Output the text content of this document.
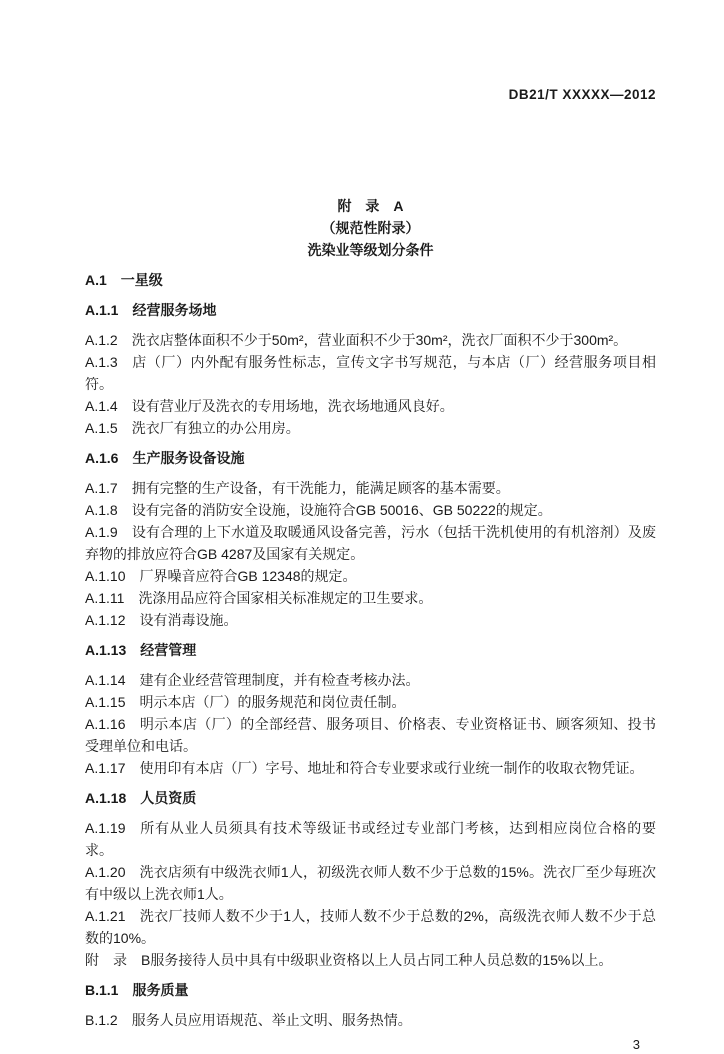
DB21/T XXXXX—2012

附　录　A

（规范性附录）

洗染业等级划分条件

A.1 一星级

A.1.1 经营服务场地

A.1.2 洗衣店整体面积不少于50m²，营业面积不少于30m²，洗衣厂面积不少于300m²。

A.1.3 店（厂）内外配有服务性标志，宣传文字书写规范，与本店（厂）经营服务项目相符。

A.1.4 设有营业厅及洗衣的专用场地，洗衣场地通风良好。

A.1.5 洗衣厂有独立的办公用房。

A.1.6 生产服务设备设施

A.1.7 拥有完整的生产设备，有干洗能力，能满足顾客的基本需要。

A.1.8 设有完备的消防安全设施，设施符合GB 50016、GB 50222的规定。

A.1.9 设有合理的上下水道及取暖通风设备完善，污水（包括干洗机使用的有机溶剂）及废弃物的排放应符合GB 4287及国家有关规定。

A.1.10 厂界噪音应符合GB 12348的规定。

A.1.11 洗涤用品应符合国家相关标准规定的卫生要求。

A.1.12 设有消毒设施。

A.1.13 经营管理

A.1.14 建有企业经营管理制度，并有检查考核办法。

A.1.15 明示本店（厂）的服务规范和岗位责任制。

A.1.16 明示本店（厂）的全部经营、服务项目、价格表、专业资格证书、顾客须知、投书受理单位和电话。

A.1.17 使用印有本店（厂）字号、地址和符合专业要求或行业统一制作的收取衣物凭证。

A.1.18 人员资质

A.1.19 所有从业人员须具有技术等级证书或经过专业部门考核，达到相应岗位合格的要求。

A.1.20 洗衣店须有中级洗衣师1人，初级洗衣师人数不少于总数的15%。洗衣厂至少每班次有中级以上洗衣师1人。

A.1.21 洗衣厂技师人数不少于1人，技师人数不少于总数的2%，高级洗衣师人数不少于总数的10%。

附　录 B服务接待人员中具有中级职业资格以上人员占同工种人员总数的15%以上。

B.1.1 服务质量

B.1.2 服务人员应用语规范、举止文明、服务热情。

3
